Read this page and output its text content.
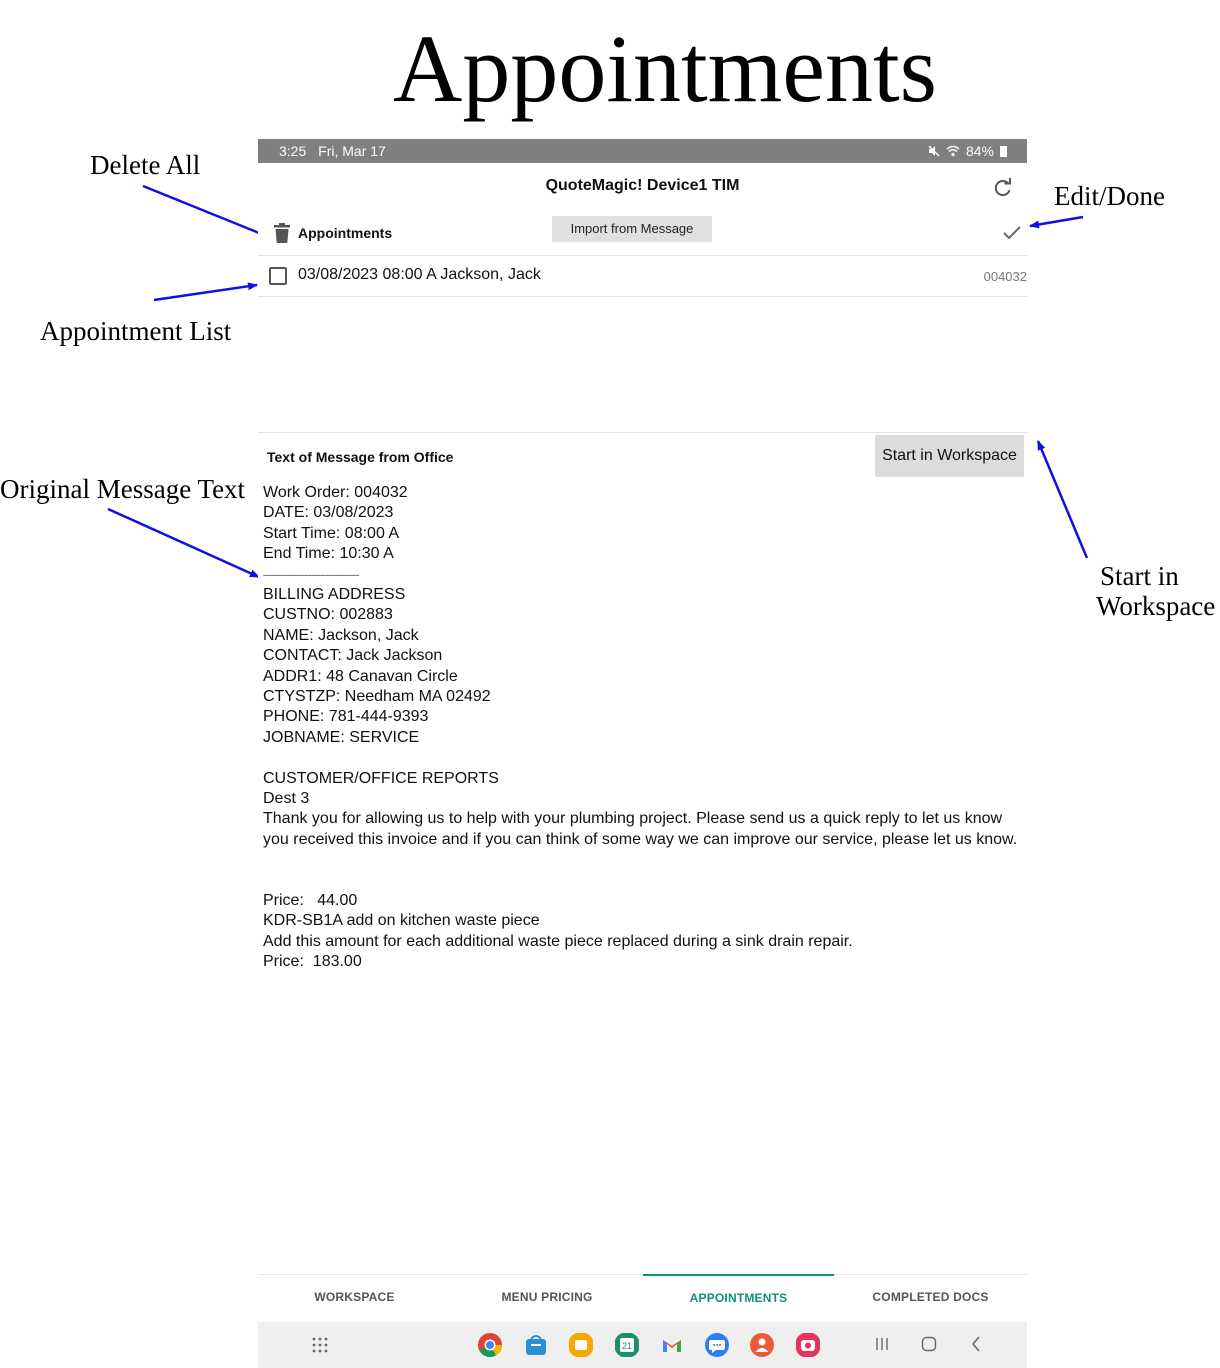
Appointments
Delete All
Edit/Done
Appointment List
Original Message Text
Start in
Workspace
3:25 Fri, Mar 17	84%
QuoteMagic! Device1 TIM
Appointments	Import from Message
03/08/2023 08:00 A Jackson, Jack	004032
Text of Message from Office	Start in Workspace
Work Order: 004032
DATE: 03/08/2023
Start Time: 08:00 A
End Time: 10:30 A
----------------------------------------
BILLING ADDRESS
CUSTNO: 002883
NAME: Jackson, Jack
CONTACT: Jack Jackson
ADDR1: 48 Canavan Circle
CTYSTZP: Needham MA 02492
PHONE: 781-444-9393
JOBNAME: SERVICE
CUSTOMER/OFFICE REPORTS
Dest 3
Thank you for allowing us to help with your plumbing project. Please send us a quick reply to let us know you received this invoice and if you can think of some way we can improve our service, please let us know.
Price:   44.00
KDR-SB1A add on kitchen waste piece
Add this amount for each additional waste piece replaced during a sink drain repair.
Price:  183.00
WORKSPACE	MENU PRICING	APPOINTMENTS	COMPLETED DOCS
21
